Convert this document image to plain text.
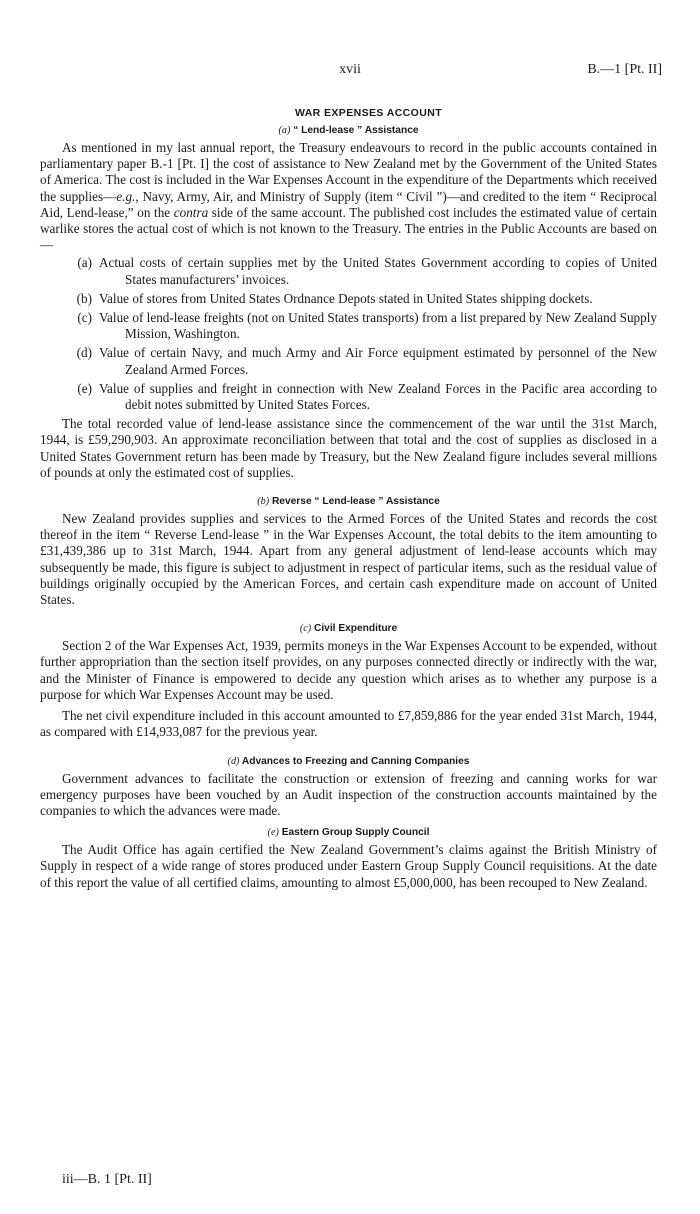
xvii	B.—1 [Pt. II]
WAR EXPENSES ACCOUNT
(a) “ Lend-lease ” Assistance

As mentioned in my last annual report, the Treasury endeavours to record in the public accounts contained in parliamentary paper B.-1 [Pt. I] the cost of assistance to New Zealand met by the Government of the United States of America. The cost is included in the War Expenses Account in the expenditure of the Departments which received the supplies—e.g., Navy, Army, Air, and Ministry of Supply (item “ Civil ”)—and credited to the item “ Reciprocal Aid, Lend-lease,” on the contra side of the same account. The published cost includes the estimated value of certain warlike stores the actual cost of which is not known to the Treasury. The entries in the Public Accounts are based on—

(a) Actual costs of certain supplies met by the United States Government according to copies of United States manufacturers’ invoices.
(b) Value of stores from United States Ordnance Depots stated in United States shipping dockets.
(c) Value of lend-lease freights (not on United States transports) from a list prepared by New Zealand Supply Mission, Washington.
(d) Value of certain Navy, and much Army and Air Force equipment estimated by personnel of the New Zealand Armed Forces.
(e) Value of supplies and freight in connection with New Zealand Forces in the Pacific area according to debit notes submitted by United States Forces.

The total recorded value of lend-lease assistance since the commencement of the war until the 31st March, 1944, is £59,290,903. An approximate reconciliation between that total and the cost of supplies as disclosed in a United States Government return has been made by Treasury, but the New Zealand figure includes several millions of pounds at only the estimated cost of supplies.

(b) Reverse “ Lend-lease ” Assistance

New Zealand provides supplies and services to the Armed Forces of the United States and records the cost thereof in the item “ Reverse Lend-lease ” in the War Expenses Account, the total debits to the item amounting to £31,439,386 up to 31st March, 1944. Apart from any general adjustment of lend-lease accounts which may subsequently be made, this figure is subject to adjustment in respect of particular items, such as the residual value of buildings originally occupied by the American Forces, and certain cash expenditure made on account of United States.

(c) Civil Expenditure

Section 2 of the War Expenses Act, 1939, permits moneys in the War Expenses Account to be expended, without further appropriation than the section itself provides, on any purposes connected directly or indirectly with the war, and the Minister of Finance is empowered to decide any question which arises as to whether any purpose is a purpose for which War Expenses Account may be used.

The net civil expenditure included in this account amounted to £7,859,886 for the year ended 31st March, 1944, as compared with £14,933,087 for the previous year.

(d) Advances to Freezing and Canning Companies

Government advances to facilitate the construction or extension of freezing and canning works for war emergency purposes have been vouched by an Audit inspection of the construction accounts maintained by the companies to which the advances were made.

(e) Eastern Group Supply Council

The Audit Office has again certified the New Zealand Government’s claims against the British Ministry of Supply in respect of a wide range of stores produced under Eastern Group Supply Council requisitions. At the date of this report the value of all certified claims, amounting to almost £5,000,000, has been recouped to New Zealand.

iii—B. 1 [Pt. II]
